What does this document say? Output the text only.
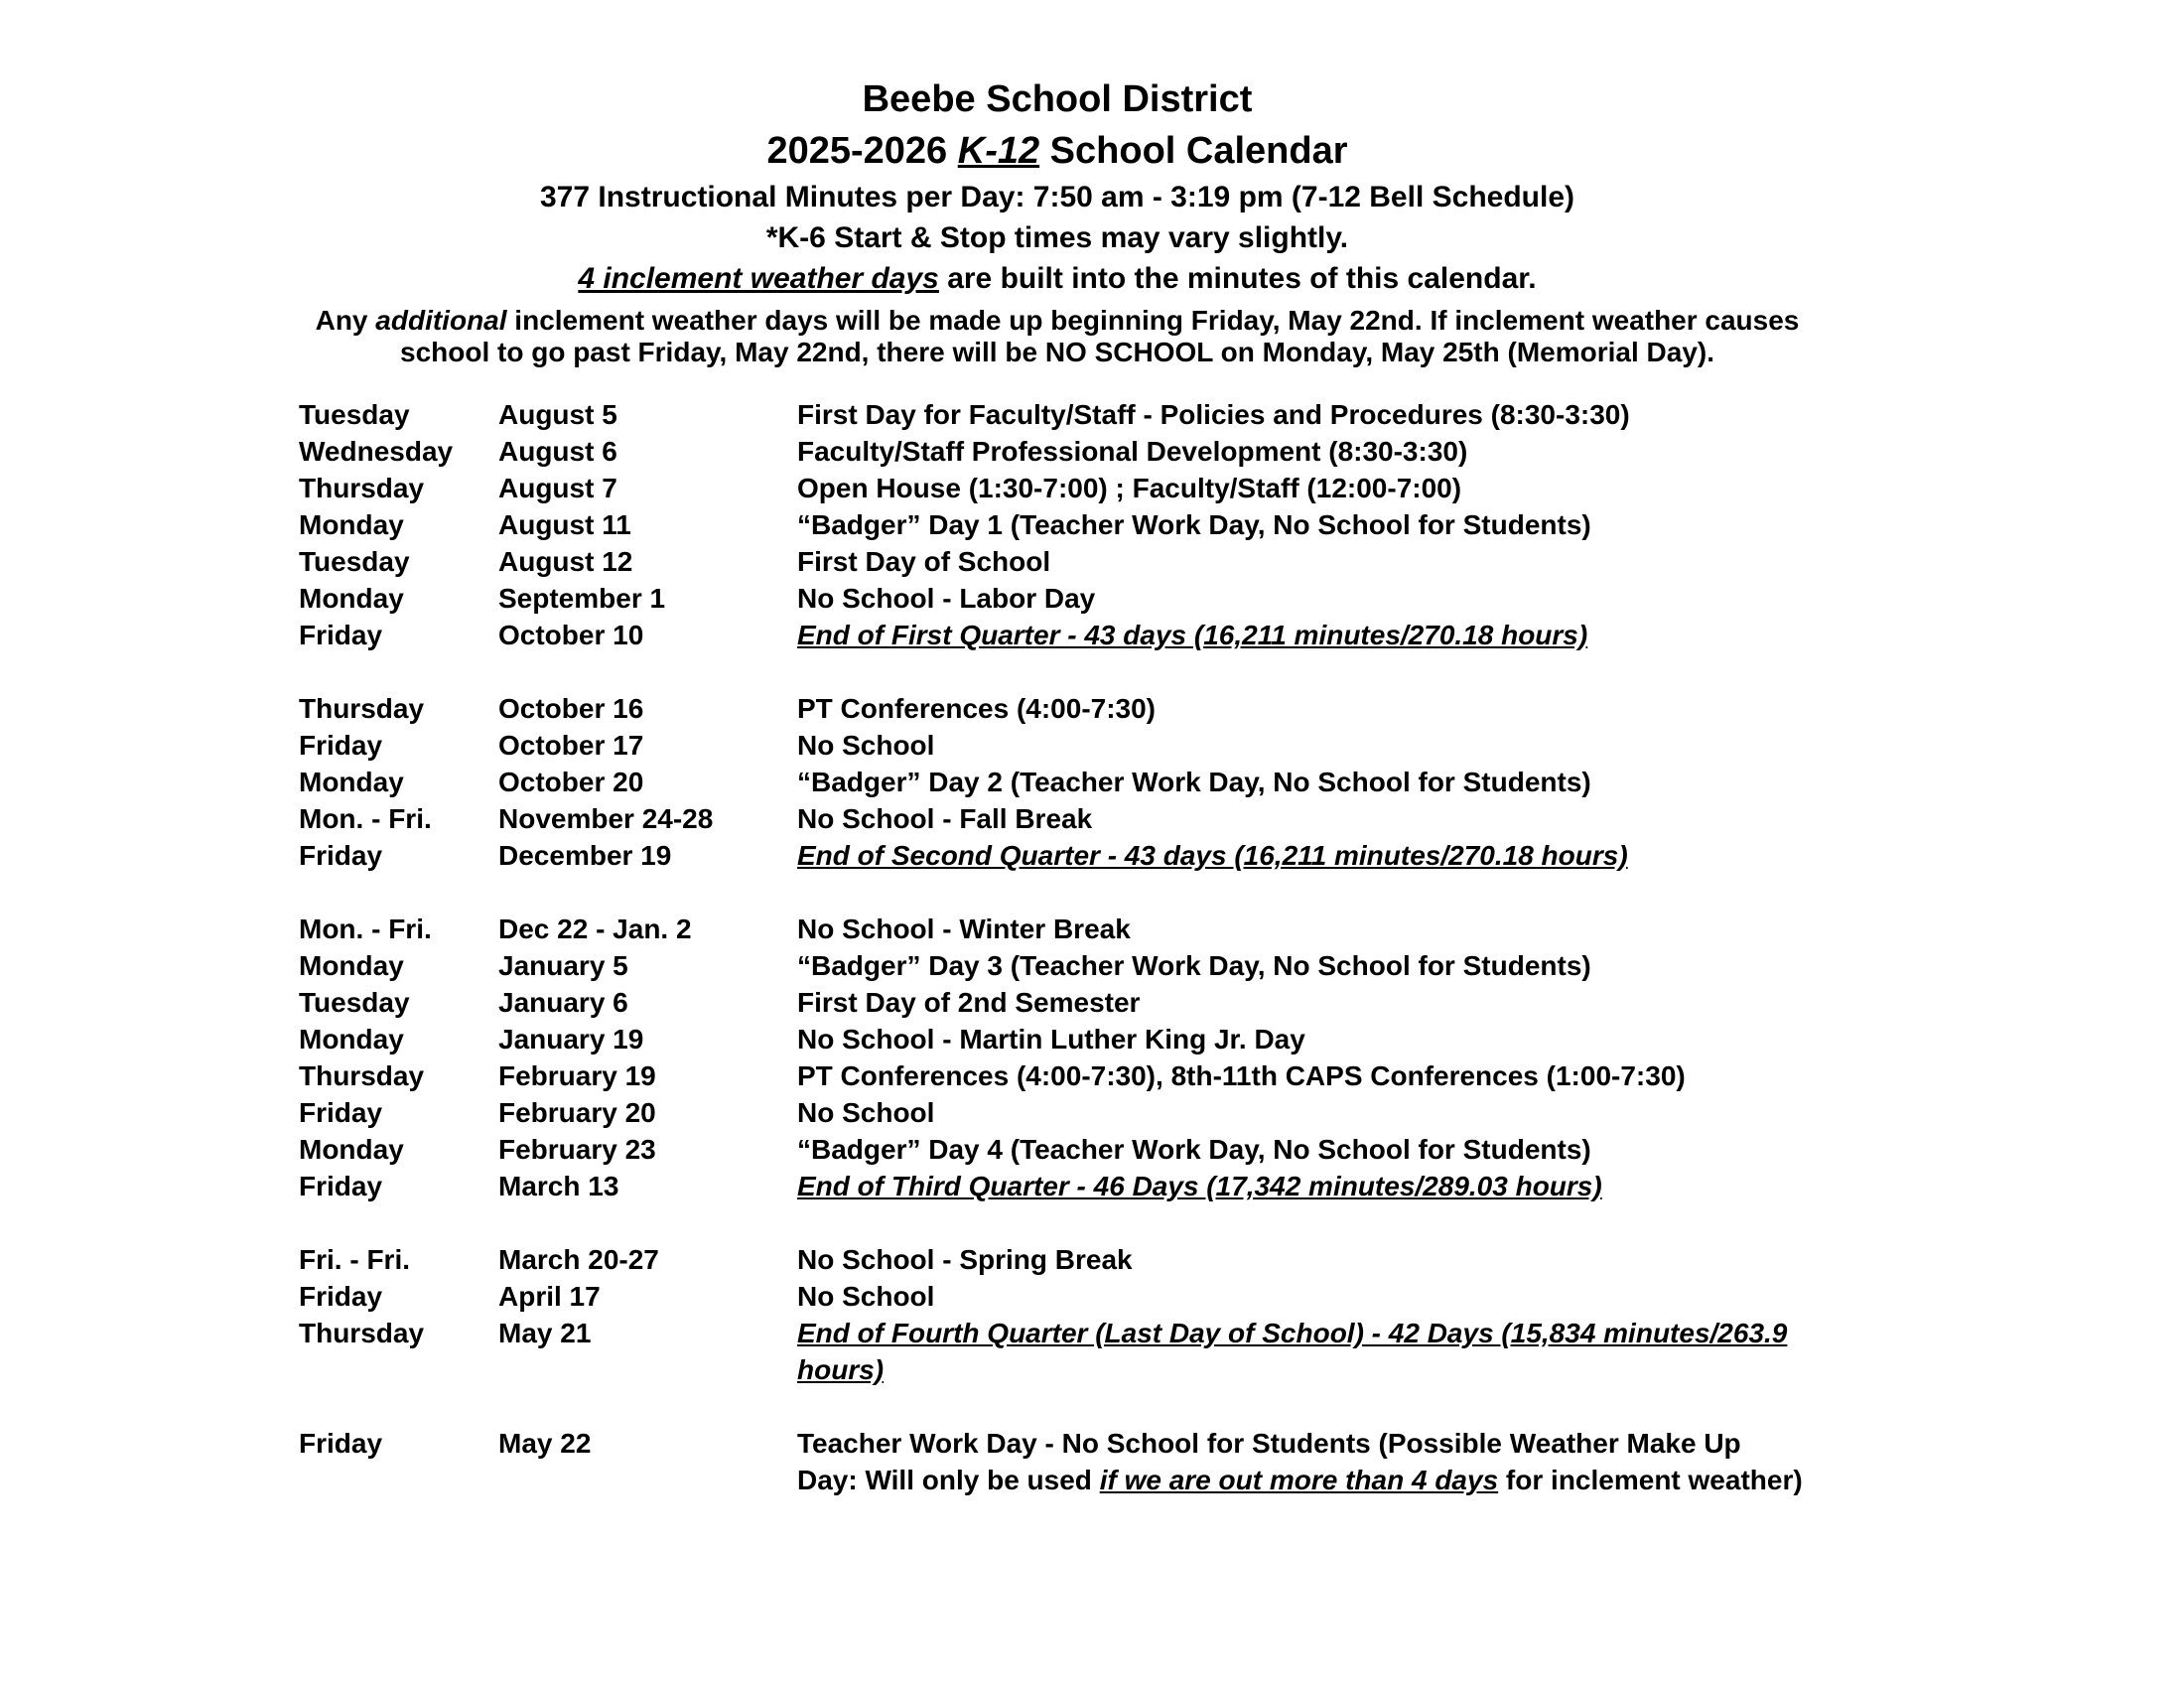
Beebe School District
2025-2026 K-12 School Calendar
377 Instructional Minutes per Day: 7:50 am - 3:19 pm (7-12 Bell Schedule)
*K-6 Start & Stop times may vary slightly.
4 inclement weather days are built into the minutes of this calendar.
Any additional inclement weather days will be made up beginning Friday, May 22nd. If inclement weather causes school to go past Friday, May 22nd, there will be NO SCHOOL on Monday, May 25th (Memorial Day).
Tuesday	August 5	First Day for Faculty/Staff - Policies and Procedures (8:30-3:30)
Wednesday	August 6	Faculty/Staff Professional Development (8:30-3:30)
Thursday	August 7	Open House (1:30-7:00) ; Faculty/Staff (12:00-7:00)
Monday	August 11	“Badger” Day 1 (Teacher Work Day, No School for Students)
Tuesday	August 12	First Day of School
Monday	September 1	No School - Labor Day
Friday	October 10	End of First Quarter - 43 days (16,211 minutes/270.18 hours)
Thursday	October 16	PT Conferences (4:00-7:30)
Friday	October 17	No School
Monday	October 20	“Badger” Day 2 (Teacher Work Day, No School for Students)
Mon. - Fri.	November 24-28	No School - Fall Break
Friday	December 19	End of Second Quarter - 43 days (16,211 minutes/270.18 hours)
Mon. - Fri.	Dec 22 - Jan. 2	No School - Winter Break
Monday	January 5	“Badger” Day 3 (Teacher Work Day, No School for Students)
Tuesday	January 6	First Day of 2nd Semester
Monday	January 19	No School - Martin Luther King Jr. Day
Thursday	February 19	PT Conferences (4:00-7:30), 8th-11th CAPS Conferences (1:00-7:30)
Friday	February 20	No School
Monday	February 23	“Badger” Day 4 (Teacher Work Day, No School for Students)
Friday	March 13	End of Third Quarter - 46 Days (17,342 minutes/289.03 hours)
Fri. - Fri.	March 20-27	No School - Spring Break
Friday	April 17	No School
Thursday	May 21	End of Fourth Quarter (Last Day of School) - 42 Days (15,834 minutes/263.9 hours)
Friday	May 22	Teacher Work Day - No School for Students (Possible Weather Make Up Day: Will only be used if we are out more than 4 days for inclement weather)
